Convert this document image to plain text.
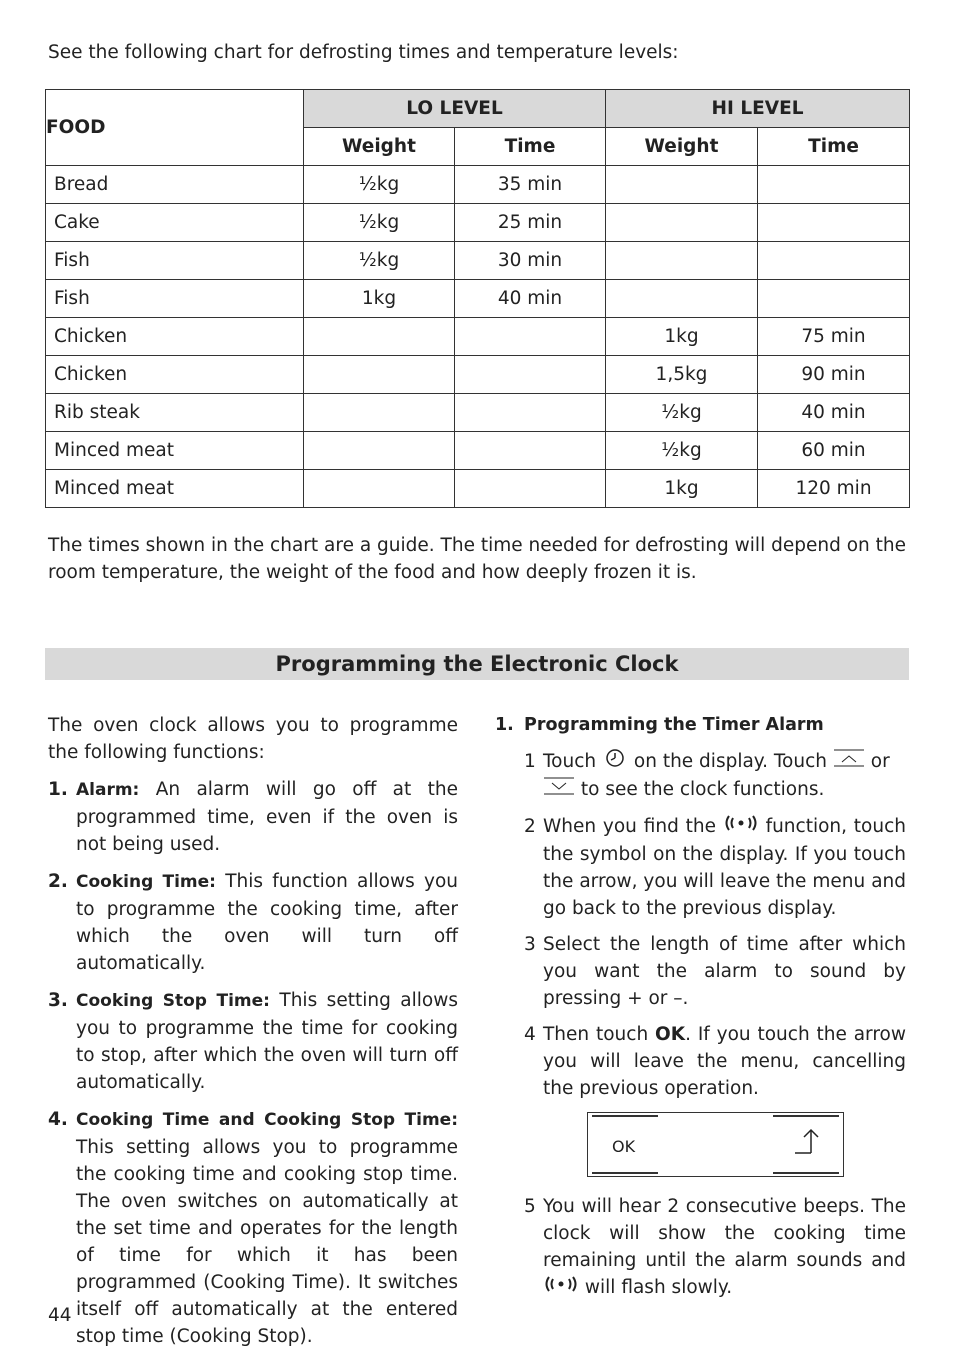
See the following chart for defrosting times and temperature levels:
FOOD	LO LEVEL		HI LEVEL	
	Weight	Time	Weight	Time
Bread	½kg	35 min		
Cake	½kg	25 min		
Fish	½kg	30 min		
Fish	1kg	40 min		
Chicken			1kg	75 min
Chicken			1,5kg	90 min
Rib steak			½kg	40 min
Minced meat			½kg	60 min
Minced meat			1kg	120 min
The times shown in the chart are a guide. The time needed for defrosting will depend on the room temperature, the weight of the food and how deeply frozen it is.
Programming the Electronic Clock

The oven clock allows you to programme the following functions:

1. Alarm: An alarm will go off at the programmed time, even if the oven is not being used.
2. Cooking Time: This function allows you to programme the cooking time, after which the oven will turn off automatically.
3. Cooking Stop Time: This setting allows you to programme the time for cooking to stop, after which the oven will turn off automatically.
4. Cooking Time and Cooking Stop Time: This setting allows you to programme the cooking time and cooking stop time. The oven switches on automatically at the set time and operates for the length of time for which it has been programmed (Cooking Time). It switches itself off automatically at the entered stop time (Cooking Stop).
1. Programming the Timer Alarm
1 Touch on the display. Touch or
to see the clock functions.
2 When you find the	function, touch the symbol on the display. If you touch the arrow, you will leave the menu and go back to the previous display.
3 Select the length of time after which you want the alarm to sound by pressing + or –.
4 Then touch OK. If you touch the arrow you will leave the menu, cancelling the previous operation.
OK
5 You will hear 2 consecutive beeps. The clock will show the cooking time remaining until the alarm sounds and  will flash slowly.
44
